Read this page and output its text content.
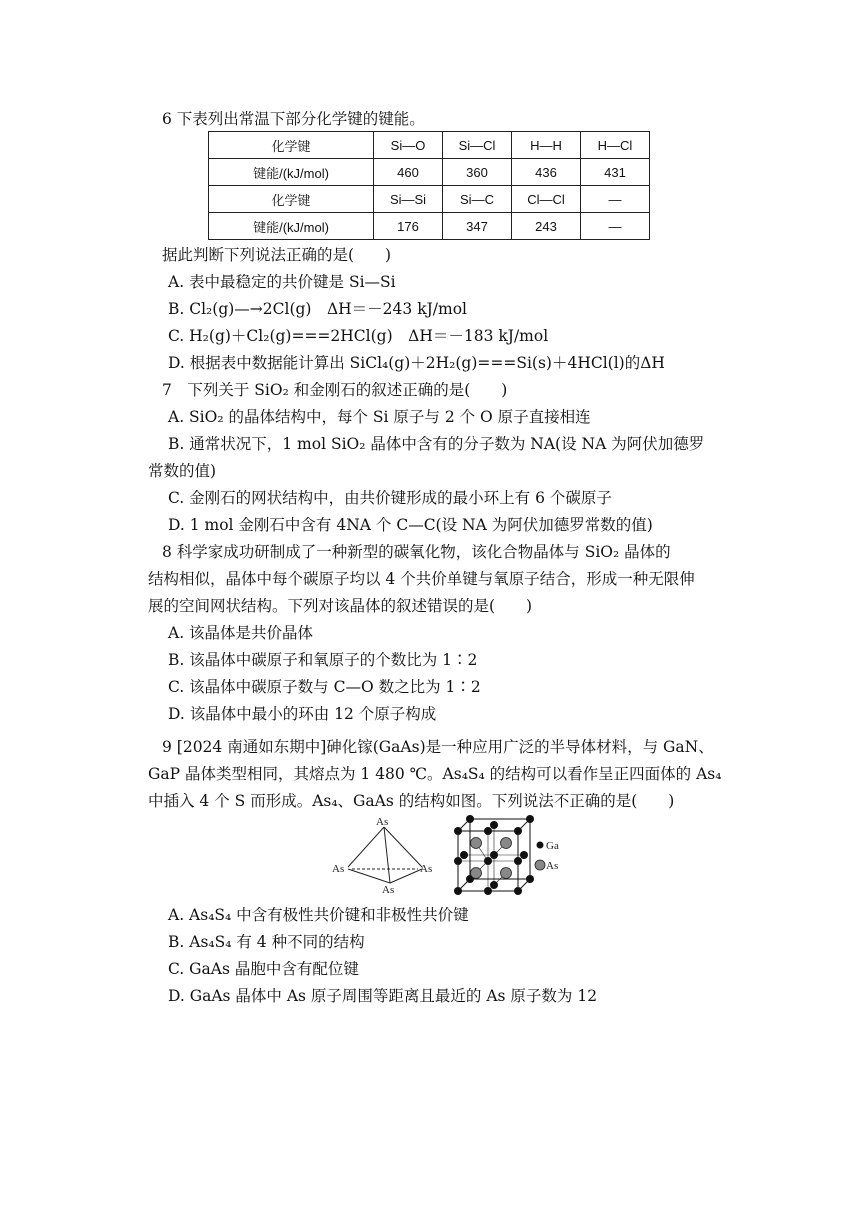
6 下表列出常温下部分化学键的键能。
化学键	Si—O	Si—Cl	H—H	H—Cl
键能/(kJ/mol)	460	360	436	431
化学键	Si—Si	Si—C	Cl—Cl	—
键能/(kJ/mol)	176	347	243	—
据此判断下列说法正确的是(　　)
A. 表中最稳定的共价键是 Si—Si
B. Cl₂(g)—→2Cl(g)　ΔH＝－243 kJ/mol
C. H₂(g)＋Cl₂(g)===2HCl(g)　ΔH＝－183 kJ/mol
D. 根据表中数据能计算出 SiCl₄(g)＋2H₂(g)===Si(s)＋4HCl(l)的ΔH
7　下列关于 SiO₂ 和金刚石的叙述正确的是(　　)
A. SiO₂ 的晶体结构中，每个 Si 原子与 2 个 O 原子直接相连
B. 通常状况下，1 mol SiO₂ 晶体中含有的分子数为 NA(设 NA 为阿伏加德罗
常数的值)
C. 金刚石的网状结构中，由共价键形成的最小环上有 6 个碳原子
D. 1 mol 金刚石中含有 4NA 个 C—C(设 NA 为阿伏加德罗常数的值)
8 科学家成功研制成了一种新型的碳氧化物，该化合物晶体与 SiO₂ 晶体的
结构相似，晶体中每个碳原子均以 4 个共价单键与氧原子结合，形成一种无限伸
展的空间网状结构。下列对该晶体的叙述错误的是(　　)
A. 该晶体是共价晶体
B. 该晶体中碳原子和氧原子的个数比为 1∶2
C. 该晶体中碳原子数与 C—O 数之比为 1∶2
D. 该晶体中最小的环由 12 个原子构成
9 [2024 南通如东期中]砷化镓(GaAs)是一种应用广泛的半导体材料，与 GaN、
GaP 晶体类型相同，其熔点为 1 480 ℃。As₄S₄ 的结构可以看作呈正四面体的 As₄
中插入 4 个 S 而形成。As₄、GaAs 的结构如图。下列说法不正确的是(　　)
As
As	As
As
Ga
As
A. As₄S₄ 中含有极性共价键和非极性共价键
B. As₄S₄ 有 4 种不同的结构
C. GaAs 晶胞中含有配位键
D. GaAs 晶体中 As 原子周围等距离且最近的 As 原子数为 12
